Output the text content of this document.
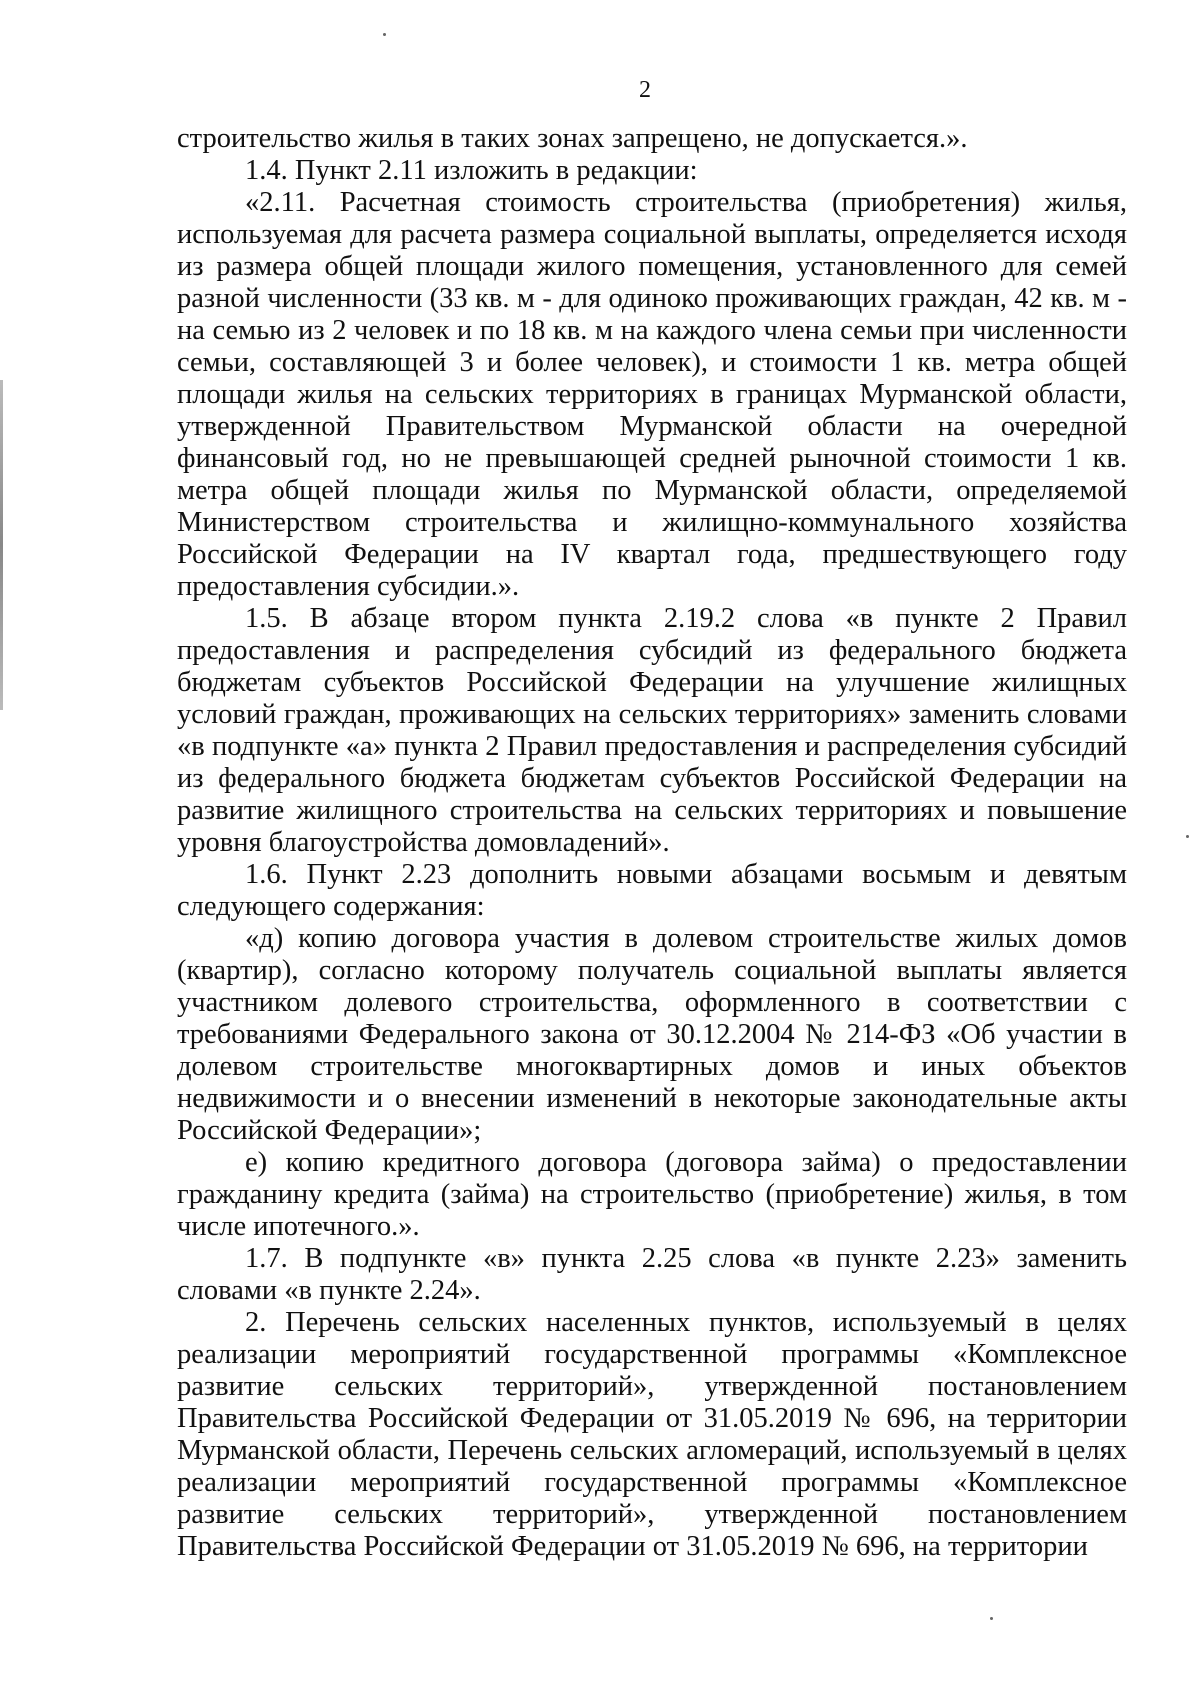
2

строительство жилья в таких зонах запрещено, не допускается.».

1.4. Пункт 2.11 изложить в редакции:

«2.11. Расчетная стоимость строительства (приобретения) жилья, используемая для расчета размера социальной выплаты, определяется исходя из размера общей площади жилого помещения, установленного для семей разной численности (33 кв. м - для одиноко проживающих граждан, 42 кв. м - на семью из 2 человек и по 18 кв. м на каждого члена семьи при численности семьи, составляющей 3 и более человек), и стоимости 1 кв. метра общей площади жилья на сельских территориях в границах Мурманской области, утвержденной Правительством Мурманской области на очередной финансовый год, но не превышающей средней рыночной стоимости 1 кв. метра общей площади жилья по Мурманской области, определяемой Министерством строительства и жилищно-коммунального хозяйства Российской Федерации на IV квартал года, предшествующего году предоставления субсидии.».

1.5. В абзаце втором пункта 2.19.2 слова «в пункте 2 Правил предоставления и распределения субсидий из федерального бюджета бюджетам субъектов Российской Федерации на улучшение жилищных условий граждан, проживающих на сельских территориях» заменить словами «в подпункте «а» пункта 2 Правил предоставления и распределения субсидий из федерального бюджета бюджетам субъектов Российской Федерации на развитие жилищного строительства на сельских территориях и повышение уровня благоустройства домовладений».

1.6. Пункт 2.23 дополнить новыми абзацами восьмым и девятым следующего содержания:

«д) копию договора участия в долевом строительстве жилых домов (квартир), согласно которому получатель социальной выплаты является участником долевого строительства, оформленного в соответствии с требованиями Федерального закона от 30.12.2004 № 214-ФЗ «Об участии в долевом строительстве многоквартирных домов и иных объектов недвижимости и о внесении изменений в некоторые законодательные акты Российской Федерации»;

е) копию кредитного договора (договора займа) о предоставлении гражданину кредита (займа) на строительство (приобретение) жилья, в том числе ипотечного.».

1.7. В подпункте «в» пункта 2.25 слова «в пункте 2.23» заменить словами «в пункте 2.24».

2. Перечень сельских населенных пунктов, используемый в целях реализации мероприятий государственной программы «Комплексное развитие сельских территорий», утвержденной постановлением Правительства Российской Федерации от 31.05.2019 № 696, на территории Мурманской области, Перечень сельских агломераций, используемый в целях реализации мероприятий государственной программы «Комплексное развитие сельских территорий», утвержденной постановлением Правительства Российской Федерации от 31.05.2019 № 696, на территории
